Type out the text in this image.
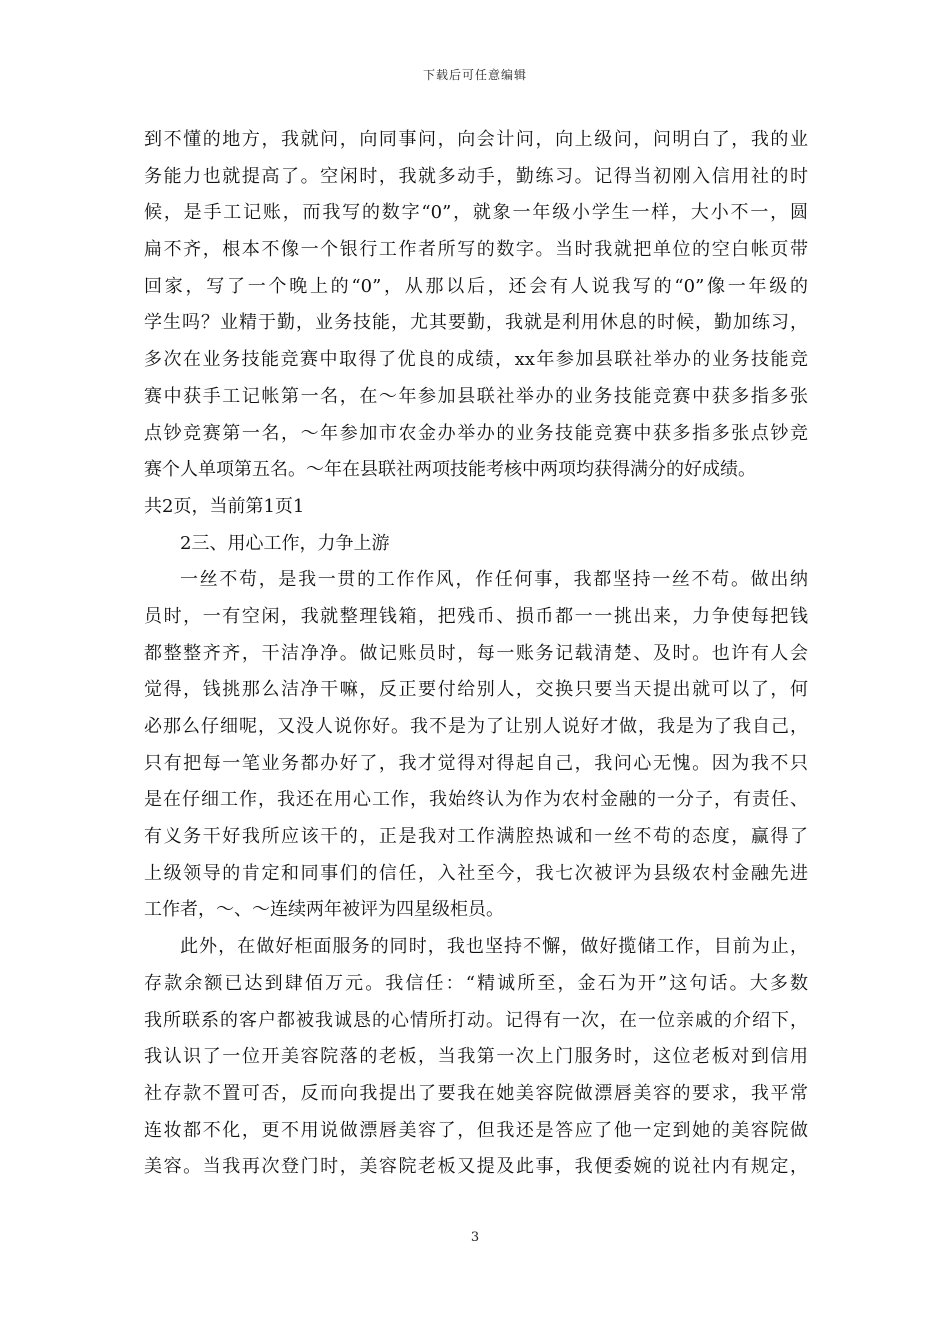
下载后可任意编辑
到不懂的地方，我就问，向同事问，向会计问，向上级问，问明白了，我的业
务能力也就提高了。空闲时，我就多动手，勤练习。记得当初刚入信用社的时
候，是手工记账，而我写的数字“0”，就象一年级小学生一样，大小不一，圆
扁不齐，根本不像一个银行工作者所写的数字。当时我就把单位的空白帐页带
回家，写了一个晚上的“0”，从那以后，还会有人说我写的“0”像一年级的
学生吗？业精于勤，业务技能，尤其要勤，我就是利用休息的时候，勤加练习，
多次在业务技能竞赛中取得了优良的成绩，xx年参加县联社举办的业务技能竞
赛中获手工记帐第一名，在～年参加县联社举办的业务技能竞赛中获多指多张
点钞竞赛第一名，～年参加市农金办举办的业务技能竞赛中获多指多张点钞竞
赛个人单项第五名。～年在县联社两项技能考核中两项均获得满分的好成绩。
共2页，当前第1页1
2三、用心工作，力争上游
一丝不苟，是我一贯的工作作风，作任何事，我都坚持一丝不苟。做出纳
员时，一有空闲，我就整理钱箱，把残币、损币都一一挑出来，力争使每把钱
都整整齐齐，干洁净净。做记账员时，每一账务记载清楚、及时。也许有人会
觉得，钱挑那么洁净干嘛，反正要付给别人，交换只要当天提出就可以了，何
必那么仔细呢，又没人说你好。我不是为了让别人说好才做，我是为了我自己，
只有把每一笔业务都办好了，我才觉得对得起自己，我问心无愧。因为我不只
是在仔细工作，我还在用心工作，我始终认为作为农村金融的一分子，有责任、
有义务干好我所应该干的，正是我对工作满腔热诚和一丝不苟的态度，赢得了
上级领导的肯定和同事们的信任，入社至今，我七次被评为县级农村金融先进
工作者，～、～连续两年被评为四星级柜员。
此外，在做好柜面服务的同时，我也坚持不懈，做好揽储工作，目前为止，
存款余额已达到肆佰万元。我信任：“精诚所至，金石为开”这句话。大多数
我所联系的客户都被我诚恳的心情所打动。记得有一次，在一位亲戚的介绍下，
我认识了一位开美容院落的老板，当我第一次上门服务时，这位老板对到信用
社存款不置可否，反而向我提出了要我在她美容院做漂唇美容的要求，我平常
连妆都不化，更不用说做漂唇美容了，但我还是答应了他一定到她的美容院做
美容。当我再次登门时，美容院老板又提及此事，我便委婉的说社内有规定，
3
